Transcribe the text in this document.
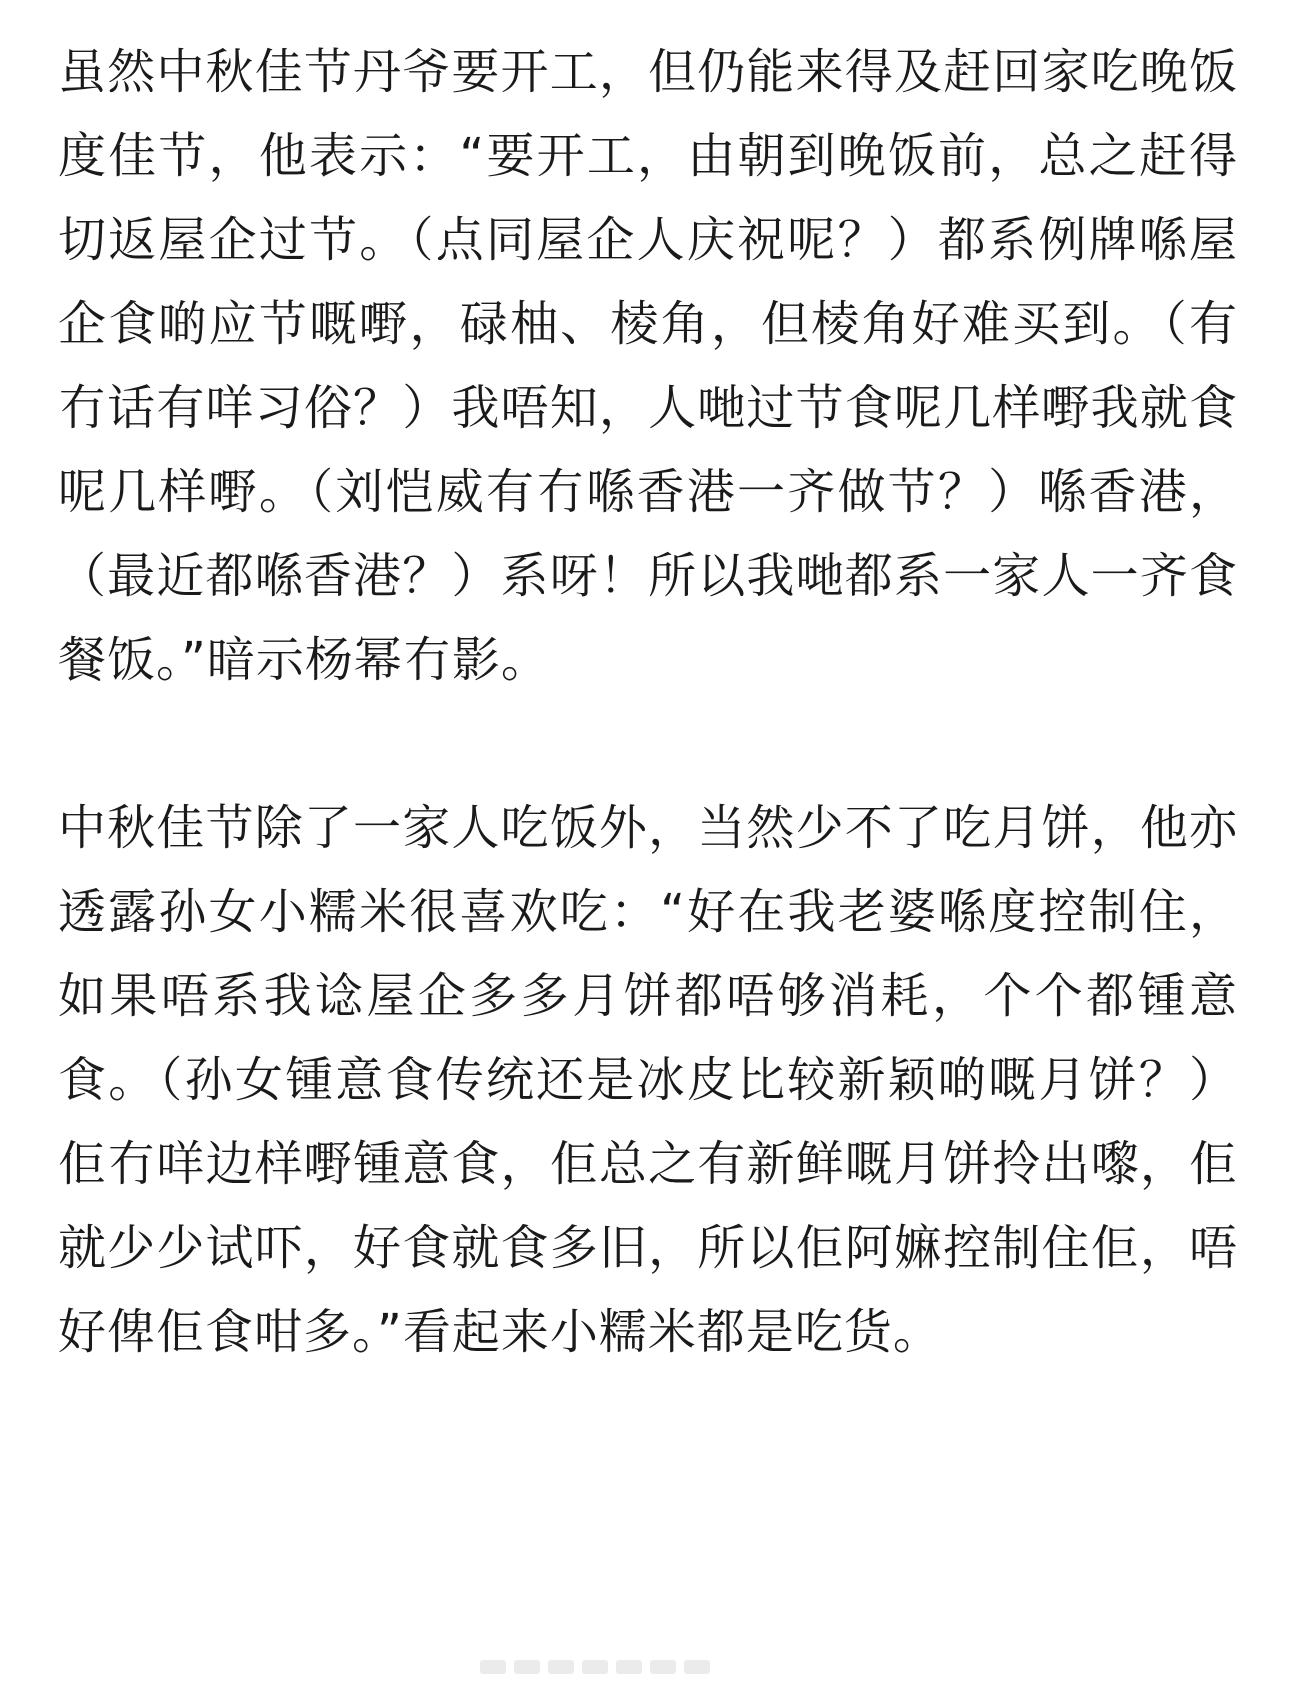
虽然中秋佳节丹爷要开工，但仍能来得及赶回家吃晚饭度佳节，他表示：“要开工，由朝到晚饭前，总之赶得切返屋企过节。（点同屋企人庆祝呢？）都系例牌喺屋企食啲应节嘅嘢，碌柚、棱角，但棱角好难买到。（有冇话有咩习俗？）我唔知，人哋过节食呢几样嘢我就食呢几样嘢。（刘恺威有冇喺香港一齐做节？）喺香港，（最近都喺香港？）系呀！所以我哋都系一家人一齐食餐饭。”暗示杨幂冇影。

中秋佳节除了一家人吃饭外，当然少不了吃月饼，他亦透露孙女小糯米很喜欢吃：“好在我老婆喺度控制住，如果唔系我谂屋企多多月饼都唔够消耗，个个都锺意食。（孙女锺意食传统还是冰皮比较新颖啲嘅月饼？）佢冇咩边样嘢锺意食，佢总之有新鲜嘅月饼拎出嚟，佢就少少试吓，好食就食多旧，所以佢阿嫲控制住佢，唔好俾佢食咁多。”看起来小糯米都是吃货。
